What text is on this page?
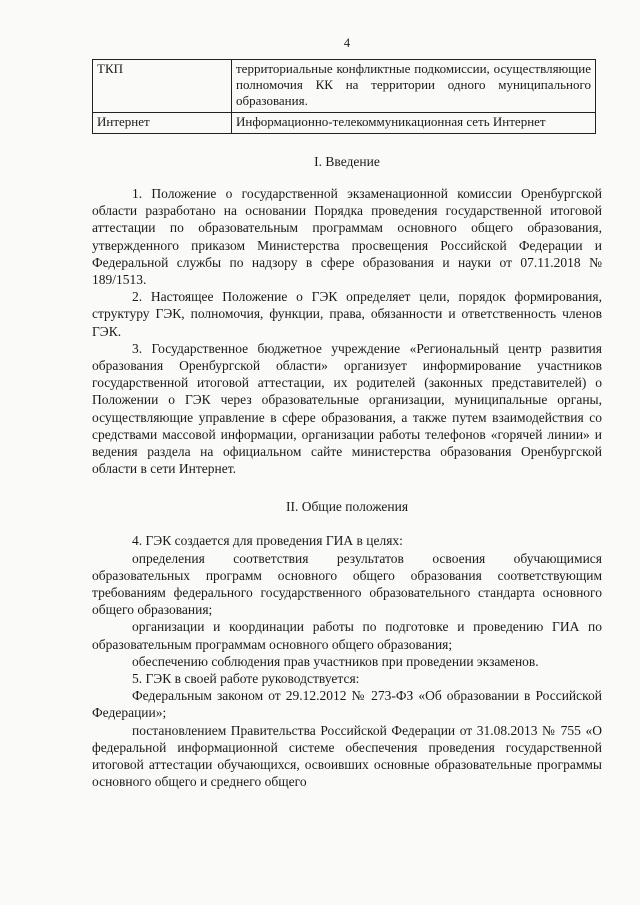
4
ТКП	территориальные конфликтные подкомиссии, осуществляющие полномочия КК на территории одного муниципального образования.
Интернет	Информационно-телекоммуникационная сеть Интернет
I. Введение

1. Положение о государственной экзаменационной комиссии Оренбургской области разработано на основании Порядка проведения государственной итоговой аттестации по образовательным программам основного общего образования, утвержденного приказом Министерства просвещения Российской Федерации и Федеральной службы по надзору в сфере образования и науки от 07.11.2018 № 189/1513.

2. Настоящее Положение о ГЭК определяет цели, порядок формирования, структуру ГЭК, полномочия, функции, права, обязанности и ответственность членов ГЭК.

3. Государственное бюджетное учреждение «Региональный центр развития образования Оренбургской области» организует информирование участников государственной итоговой аттестации, их родителей (законных представителей) о Положении о ГЭК через образовательные организации, муниципальные органы, осуществляющие управление в сфере образования, а также путем взаимодействия со средствами массовой информации, организации работы телефонов «горячей линии» и ведения раздела на официальном сайте министерства образования Оренбургской области в сети Интернет.

II. Общие положения

4. ГЭК создается для проведения ГИА в целях:

определения соответствия результатов освоения обучающимися образовательных программ основного общего образования соответствующим требованиям федерального государственного образовательного стандарта основного общего образования;

организации и координации работы по подготовке и проведению ГИА по образовательным программам основного общего образования;

обеспечению соблюдения прав участников при проведении экзаменов.

5. ГЭК в своей работе руководствуется:

Федеральным законом от 29.12.2012 № 273-ФЗ «Об образовании в Российской Федерации»;

постановлением Правительства Российской Федерации от 31.08.2013 № 755 «О федеральной информационной системе обеспечения проведения государственной итоговой аттестации обучающихся, освоивших основные образовательные программы основного общего и среднего общего
